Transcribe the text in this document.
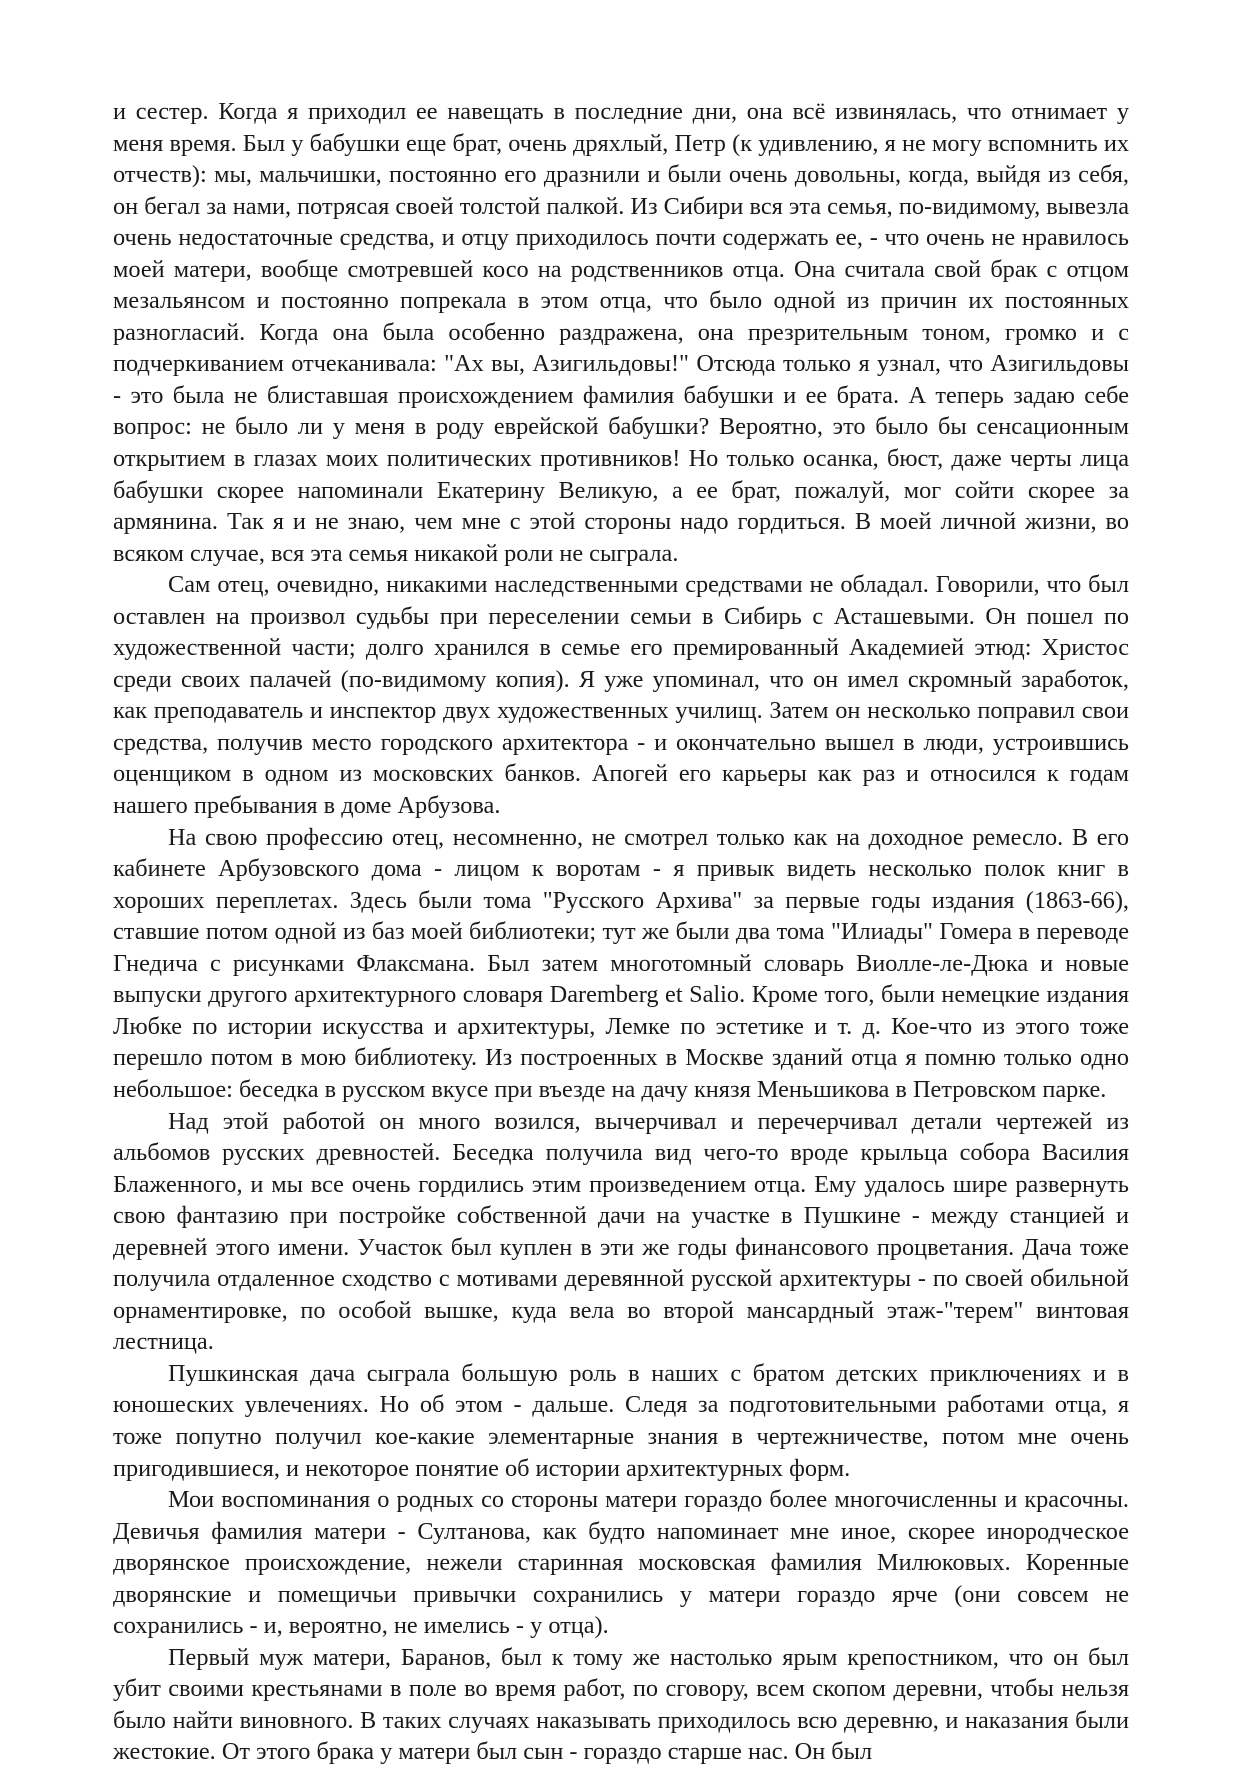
и сестер. Когда я приходил ее навещать в последние дни, она всё извинялась, что отнимает у меня время. Был у бабушки еще брат, очень дряхлый, Петр (к удивлению, я не могу вспомнить их отчеств): мы, мальчишки, постоянно его дразнили и были очень довольны, когда, выйдя из себя, он бегал за нами, потрясая своей толстой палкой. Из Сибири вся эта семья, по-видимому, вывезла очень недостаточные средства, и отцу приходилось почти содержать ее, - что очень не нравилось моей матери, вообще смотревшей косо на родственников отца. Она считала свой брак с отцом мезальянсом и постоянно попрекала в этом отца, что было одной из причин их постоянных разногласий. Когда она была особенно раздражена, она презрительным тоном, громко и с подчеркиванием отчеканивала: "Ах вы, Азигильдовы!" Отсюда только я узнал, что Азигильдовы - это была не блиставшая происхождением фамилия бабушки и ее брата. А теперь задаю себе вопрос: не было ли у меня в роду еврейской бабушки? Вероятно, это было бы сенсационным открытием в глазах моих политических противников! Но только осанка, бюст, даже черты лица бабушки скорее напоминали Екатерину Великую, а ее брат, пожалуй, мог сойти скорее за армянина. Так я и не знаю, чем мне с этой стороны надо гордиться. В моей личной жизни, во всяком случае, вся эта семья никакой роли не сыграла.

Сам отец, очевидно, никакими наследственными средствами не обладал. Говорили, что был оставлен на произвол судьбы при переселении семьи в Сибирь с Асташевыми. Он пошел по художественной части; долго хранился в семье его премированный Академией этюд: Христос среди своих палачей (по-видимому копия). Я уже упоминал, что он имел скромный заработок, как преподаватель и инспектор двух художественных училищ. Затем он несколько поправил свои средства, получив место городского архитектора - и окончательно вышел в люди, устроившись оценщиком в одном из московских банков. Апогей его карьеры как раз и относился к годам нашего пребывания в доме Арбузова.

На свою профессию отец, несомненно, не смотрел только как на доходное ремесло. В его кабинете Арбузовского дома - лицом к воротам - я привык видеть несколько полок книг в хороших переплетах. Здесь были тома "Русского Архива" за первые годы издания (1863-66), ставшие потом одной из баз моей библиотеки; тут же были два тома "Илиады" Гомера в переводе Гнедича с рисунками Флаксмана. Был затем многотомный словарь Виолле-ле-Дюка и новые выпуски другого архитектурного словаря Daremberg et Salio. Кроме того, были немецкие издания Любке по истории искусства и архитектуры, Лемке по эстетике и т. д. Кое-что из этого тоже перешло потом в мою библиотеку. Из построенных в Москве зданий отца я помню только одно небольшое: беседка в русском вкусе при въезде на дачу князя Меньшикова в Петровском парке.

Над этой работой он много возился, вычерчивал и перечерчивал детали чертежей из альбомов русских древностей. Беседка получила вид чего-то вроде крыльца собора Василия Блаженного, и мы все очень гордились этим произведением отца. Ему удалось шире развернуть свою фантазию при постройке собственной дачи на участке в Пушкине - между станцией и деревней этого имени. Участок был куплен в эти же годы финансового процветания. Дача тоже получила отдаленное сходство с мотивами деревянной русской архитектуры - по своей обильной орнаментировке, по особой вышке, куда вела во второй мансардный этаж-"терем" винтовая лестница.

Пушкинская дача сыграла большую роль в наших с братом детских приключениях и в юношеских увлечениях. Но об этом - дальше. Следя за подготовительными работами отца, я тоже попутно получил кое-какие элементарные знания в чертежничестве, потом мне очень пригодившиеся, и некоторое понятие об истории архитектурных форм.

Мои воспоминания о родных со стороны матери гораздо более многочисленны и красочны. Девичья фамилия матери - Султанова, как будто напоминает мне иное, скорее инородческое дворянское происхождение, нежели старинная московская фамилия Милюковых. Коренные дворянские и помещичьи привычки сохранились у матери гораздо ярче (они совсем не сохранились - и, вероятно, не имелись - у отца).

Первый муж матери, Баранов, был к тому же настолько ярым крепостником, что он был убит своими крестьянами в поле во время работ, по сговору, всем скопом деревни, чтобы нельзя было найти виновного. В таких случаях наказывать приходилось всю деревню, и наказания были жестокие. От этого брака у матери был сын - гораздо старше нас. Он был
